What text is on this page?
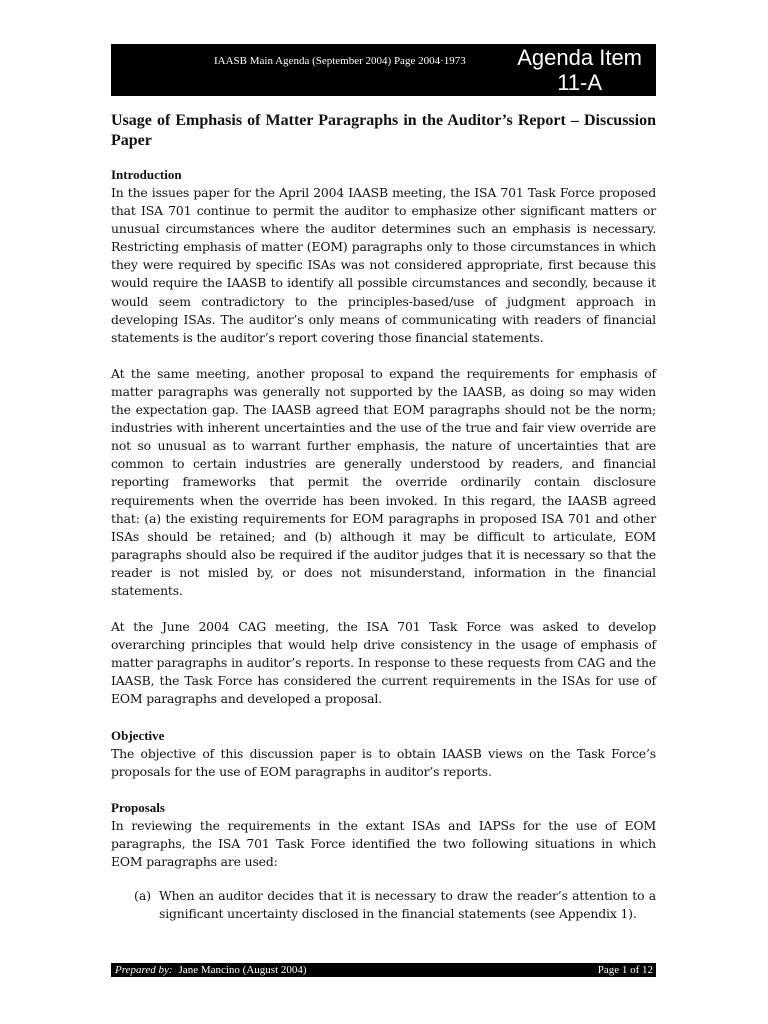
IAASB Main Agenda (September 2004) Page 2004·1973 Agenda Item
11-A
Usage of Emphasis of Matter Paragraphs in the Auditor’s Report – Discussion Paper
Introduction

In the issues paper for the April 2004 IAASB meeting, the ISA 701 Task Force proposed that ISA 701 continue to permit the auditor to emphasize other significant matters or unusual circumstances where the auditor determines such an emphasis is necessary. Restricting emphasis of matter (EOM) paragraphs only to those circumstances in which they were required by specific ISAs was not considered appropriate, first because this would require the IAASB to identify all possible circumstances and secondly, because it would seem contradictory to the principles-based/use of judgment approach in developing ISAs. The auditor’s only means of communicating with readers of financial statements is the auditor’s report covering those financial statements.

At the same meeting, another proposal to expand the requirements for emphasis of matter paragraphs was generally not supported by the IAASB, as doing so may widen the expectation gap. The IAASB agreed that EOM paragraphs should not be the norm; industries with inherent uncertainties and the use of the true and fair view override are not so unusual as to warrant further emphasis, the nature of uncertainties that are common to certain industries are generally understood by readers, and financial reporting frameworks that permit the override ordinarily contain disclosure requirements when the override has been invoked. In this regard, the IAASB agreed that: (a) the existing requirements for EOM paragraphs in proposed ISA 701 and other ISAs should be retained; and (b) although it may be difficult to articulate, EOM paragraphs should also be required if the auditor judges that it is necessary so that the reader is not misled by, or does not misunderstand, information in the financial statements.

At the June 2004 CAG meeting, the ISA 701 Task Force was asked to develop overarching principles that would help drive consistency in the usage of emphasis of matter paragraphs in auditor’s reports. In response to these requests from CAG and the IAASB, the Task Force has considered the current requirements in the ISAs for use of EOM paragraphs and developed a proposal.

Objective

The objective of this discussion paper is to obtain IAASB views on the Task Force’s proposals for the use of EOM paragraphs in auditor’s reports.

Proposals

In reviewing the requirements in the extant ISAs and IAPSs for the use of EOM paragraphs, the ISA 701 Task Force identified the two following situations in which EOM paragraphs are used:

(a) When an auditor decides that it is necessary to draw the reader’s attention to a significant uncertainty disclosed in the financial statements (see Appendix 1).
Prepared by: Jane Mancino (August 2004)	Page 1 of 12
